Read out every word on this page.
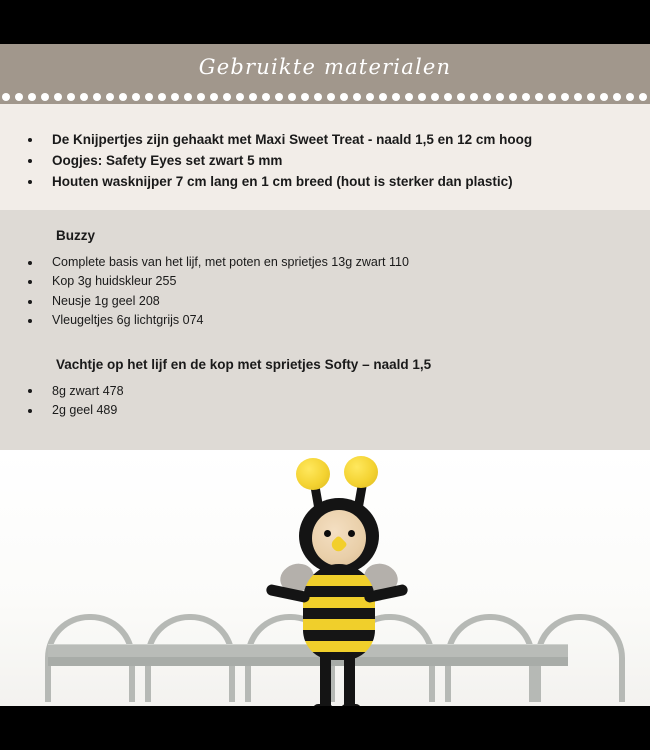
Gebruikte materialen
De Knijpertjes zijn gehaakt met Maxi Sweet Treat - naald 1,5 en 12 cm hoog
Oogjes: Safety Eyes set zwart 5 mm
Houten wasknijper 7 cm lang en 1 cm breed (hout is sterker dan plastic)
Buzzy
Complete basis van het lijf, met poten en sprietjes 13g zwart 110
Kop 3g huidskleur 255
Neusje 1g geel 208
Vleugeltjes 6g lichtgrijs 074
Vachtje op het lijf en de kop met sprietjes Softy – naald 1,5
8g zwart 478
2g geel 489
